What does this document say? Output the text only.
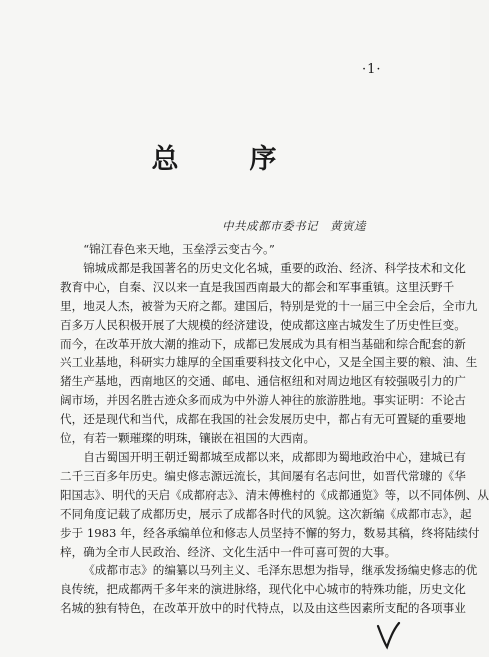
·1·
总　序
中共成都市委书记　黄寅逵

“锦江春色来天地，玉垒浮云变古今。”

锦城成都是我国著名的历史文化名城，重要的政治、经济、科学技术和文化
教育中心，自秦、汉以来一直是我国西南最大的都会和军事重镇。这里沃野千
里，地灵人杰，被誉为天府之都。建国后，特别是党的十一届三中全会后，全市九
百多万人民积极开展了大规模的经济建设，使成都这座古城发生了历史性巨变。
而今，在改革开放大潮的推动下，成都已发展成为具有相当基础和综合配套的新
兴工业基地，科研实力雄厚的全国重要科技文化中心，又是全国主要的粮、油、生
猪生产基地，西南地区的交通、邮电、通信枢纽和对周边地区有较强吸引力的广
阔市场，并因名胜古迹众多而成为中外游人神往的旅游胜地。事实证明：不论古
代，还是现代和当代，成都在我国的社会发展历史中，都占有无可置疑的重要地
位，有若一颗璀璨的明珠，镶嵌在祖国的大西南。

自古蜀国开明王朝迁蜀都城至成都以来，成都即为蜀地政治中心，建城已有
二千三百多年历史。编史修志源远流长，其间屡有名志问世，如晋代常璩的《华
阳国志》、明代的天启《成都府志》、清末傅樵村的《成都通览》等，以不同体例、从
不同角度记载了成都历史，展示了成都各时代的风貌。这次新编《成都市志》，起
步于 1983 年，经各承编单位和修志人员坚持不懈的努力，数易其稿，终将陆续付
梓，确为全市人民政治、经济、文化生活中一件可喜可贺的大事。

《成都市志》的编纂以马列主义、毛泽东思想为指导，继承发扬编史修志的优
良传统，把成都两千多年来的演进脉络，现代化中心城市的特殊功能，历史文化
名城的独有特色，在改革开放中的时代特点，以及由这些因素所支配的各项事业
